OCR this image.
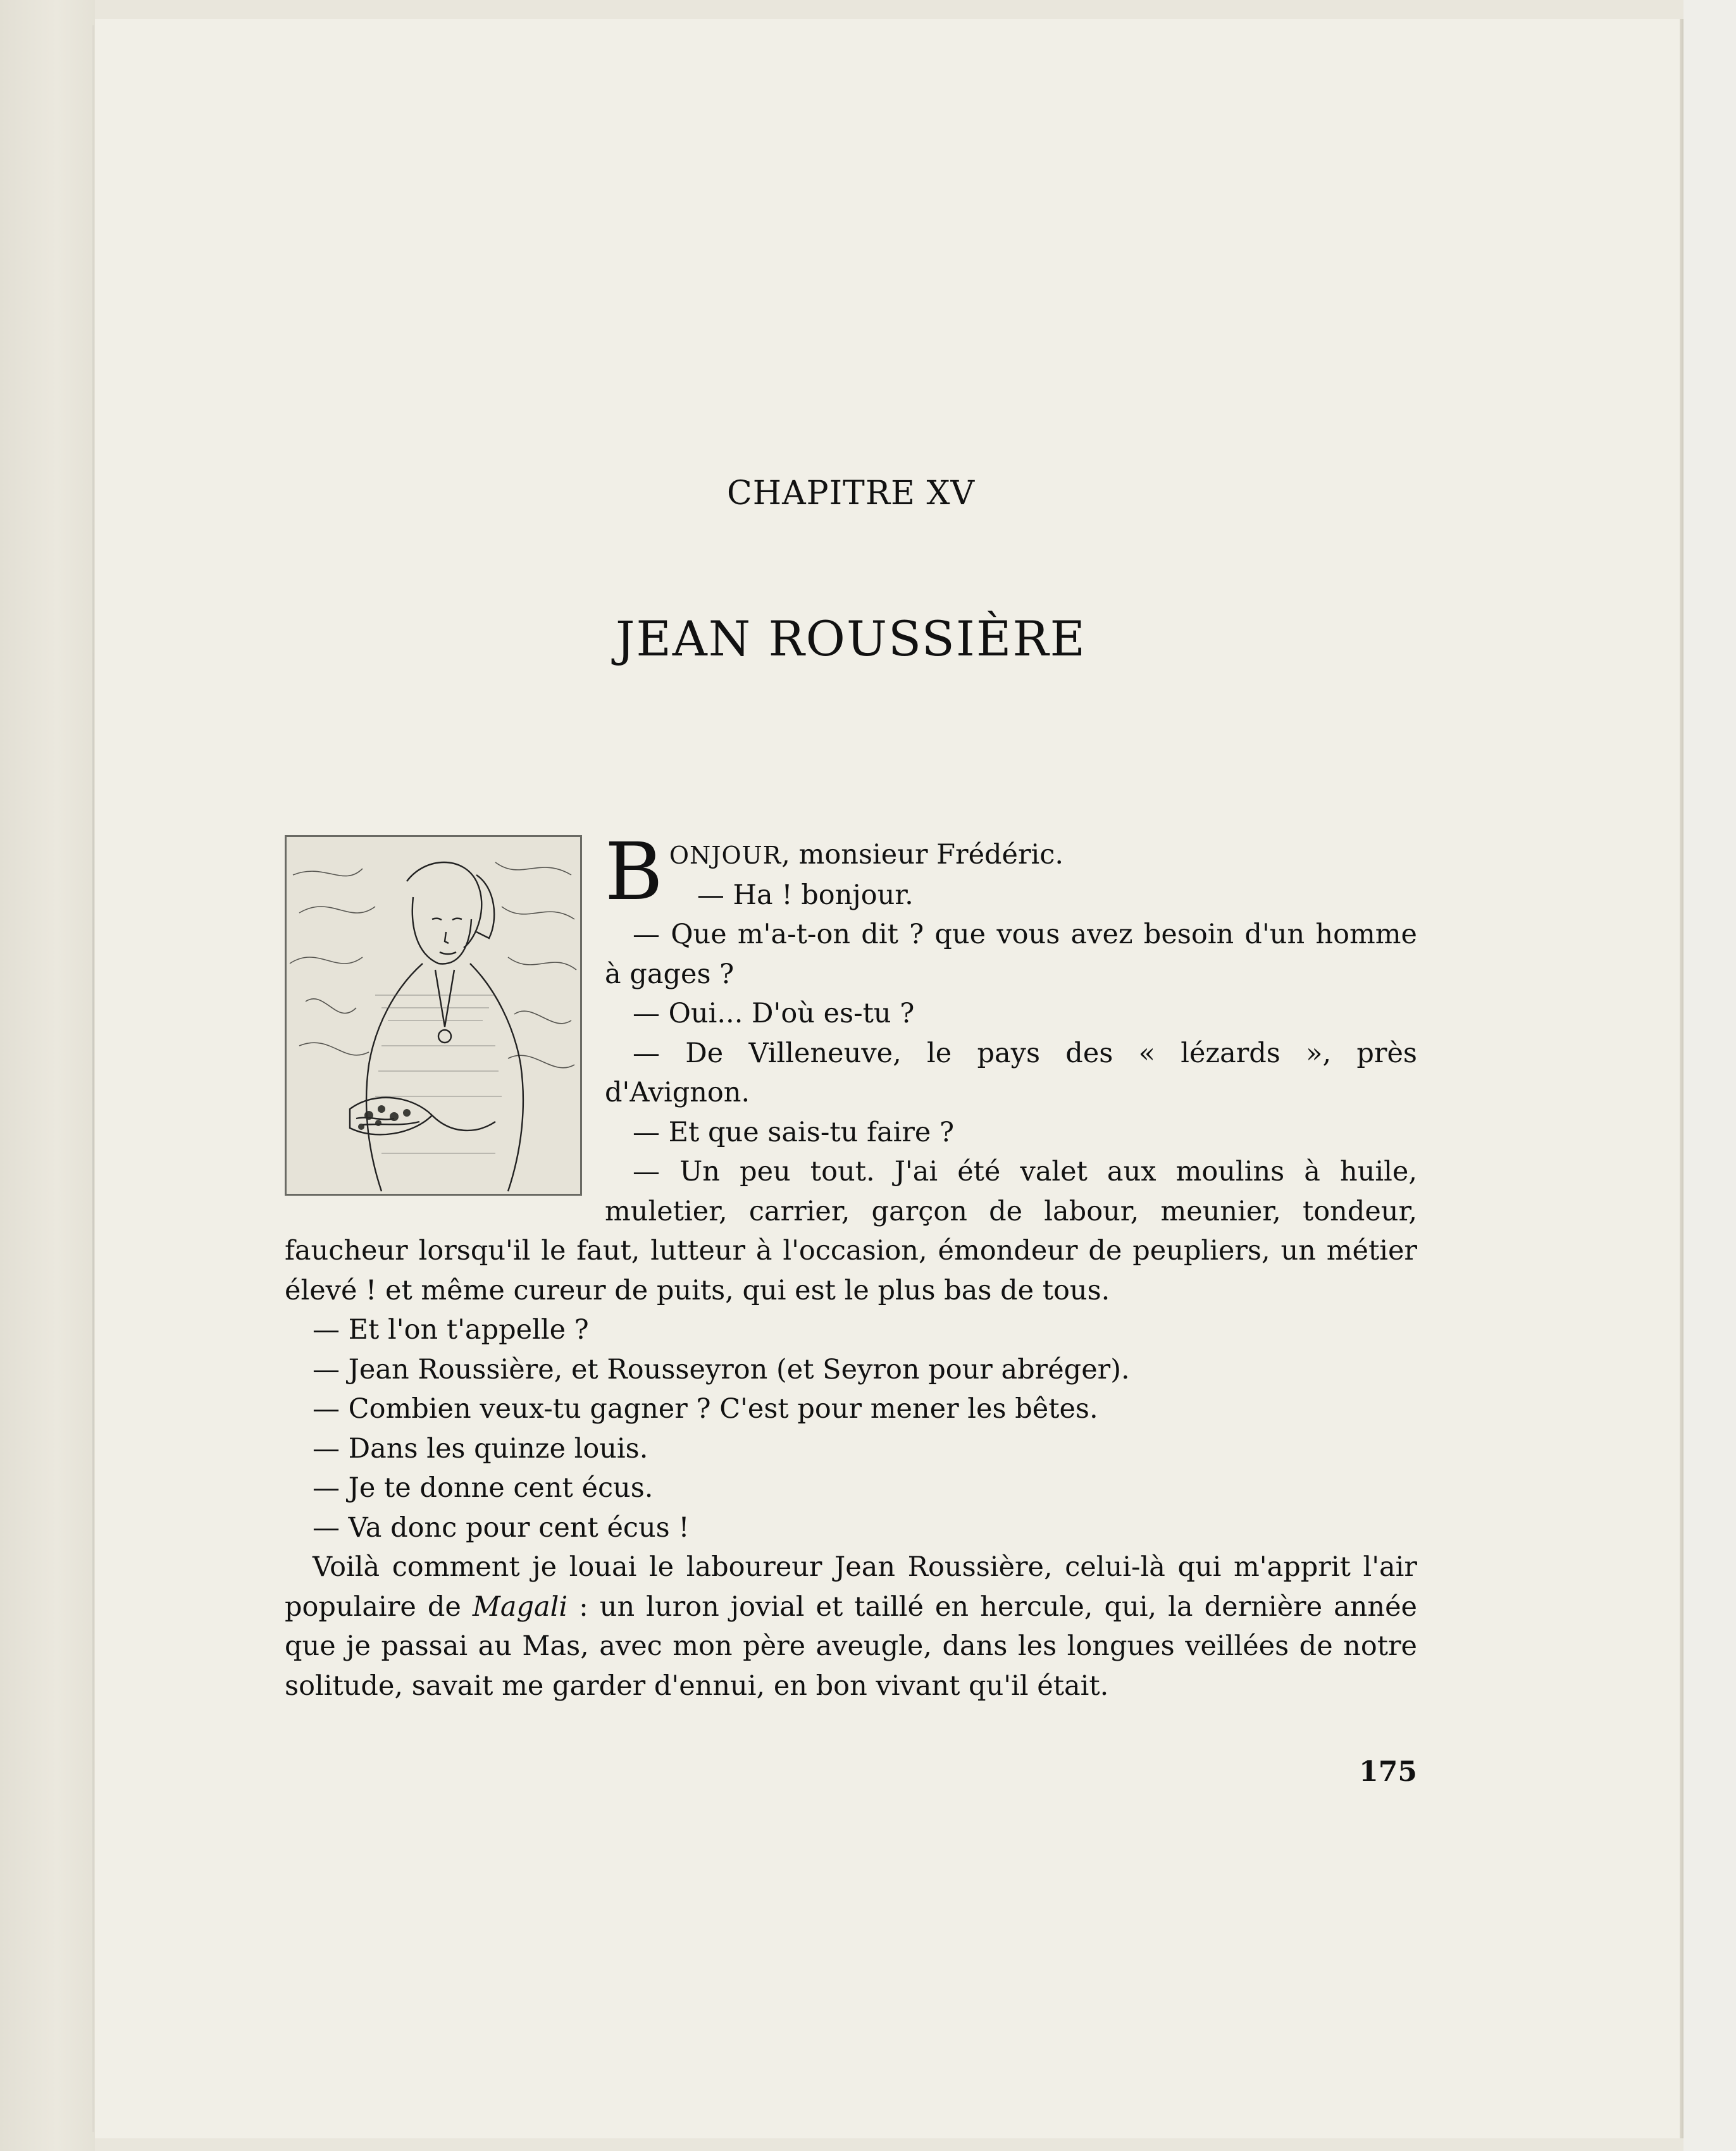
CHAPITRE XV
JEAN ROUSSIÈRE

BONJOUR, monsieur Frédéric.

— Ha ! bonjour.

— Que m'a-t-on dit ? que vous avez besoin d'un homme à gages ?

— Oui... D'où es-tu ?

— De Villeneuve, le pays des « lézards », près d'Avignon.

— Et que sais-tu faire ?

— Un peu tout. J'ai été valet aux moulins à huile, muletier, carrier, garçon de labour, meunier, tondeur, faucheur lorsqu'il le faut, lutteur à l'occasion, émondeur de peupliers, un métier élevé ! et même cureur de puits, qui est le plus bas de tous.

— Et l'on t'appelle ?

— Jean Roussière, et Rousseyron (et Seyron pour abréger).

— Combien veux-tu gagner ? C'est pour mener les bêtes.

— Dans les quinze louis.

— Je te donne cent écus.

— Va donc pour cent écus !

Voilà comment je louai le laboureur Jean Roussière, celui-là qui m'apprit l'air populaire de Magali : un luron jovial et taillé en hercule, qui, la dernière année que je passai au Mas, avec mon père aveugle, dans les longues veillées de notre solitude, savait me garder d'ennui, en bon vivant qu'il était.

175
